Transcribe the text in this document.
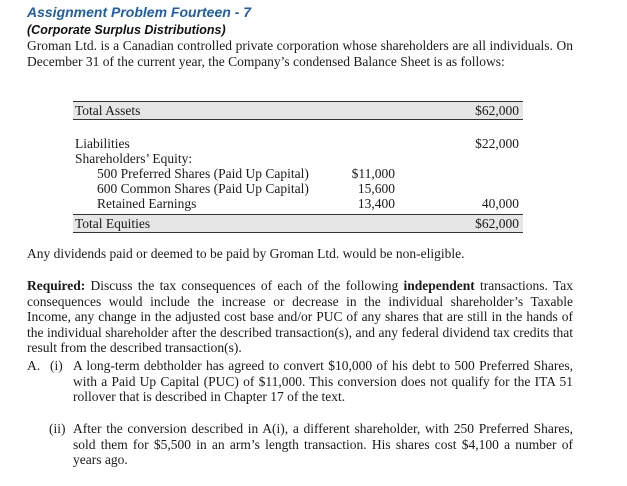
Assignment Problem Fourteen - 7
(Corporate Surplus Distributions)
Groman Ltd. is a Canadian controlled private corporation whose shareholders are all individuals. On December 31 of the current year, the Company’s condensed Balance Sheet is as follows:
Total Assets	$62,000
Liabilities	$22,000
Shareholders’ Equity:
500 Preferred Shares (Paid Up Capital)	$11,000
600 Common Shares (Paid Up Capital)	15,600
Retained Earnings	13,400	40,000
Total Equities	$62,000
Any dividends paid or deemed to be paid by Groman Ltd. would be non-eligible.
Required: Discuss the tax consequences of each of the following independent transactions. Tax consequences would include the increase or decrease in the individual shareholder’s Taxable Income, any change in the adjusted cost base and/or PUC of any shares that are still in the hands of the individual shareholder after the described transaction(s), and any federal dividend tax credits that result from the described transaction(s).
A. (i) A long-term debtholder has agreed to convert $10,000 of his debt to 500 Preferred Shares, with a Paid Up Capital (PUC) of $11,000. This conversion does not qualify for the ITA 51 rollover that is described in Chapter 17 of the text.
(ii) After the conversion described in A(i), a different shareholder, with 250 Preferred Shares, sold them for $5,500 in an arm’s length transaction. His shares cost $4,100 a number of years ago.
